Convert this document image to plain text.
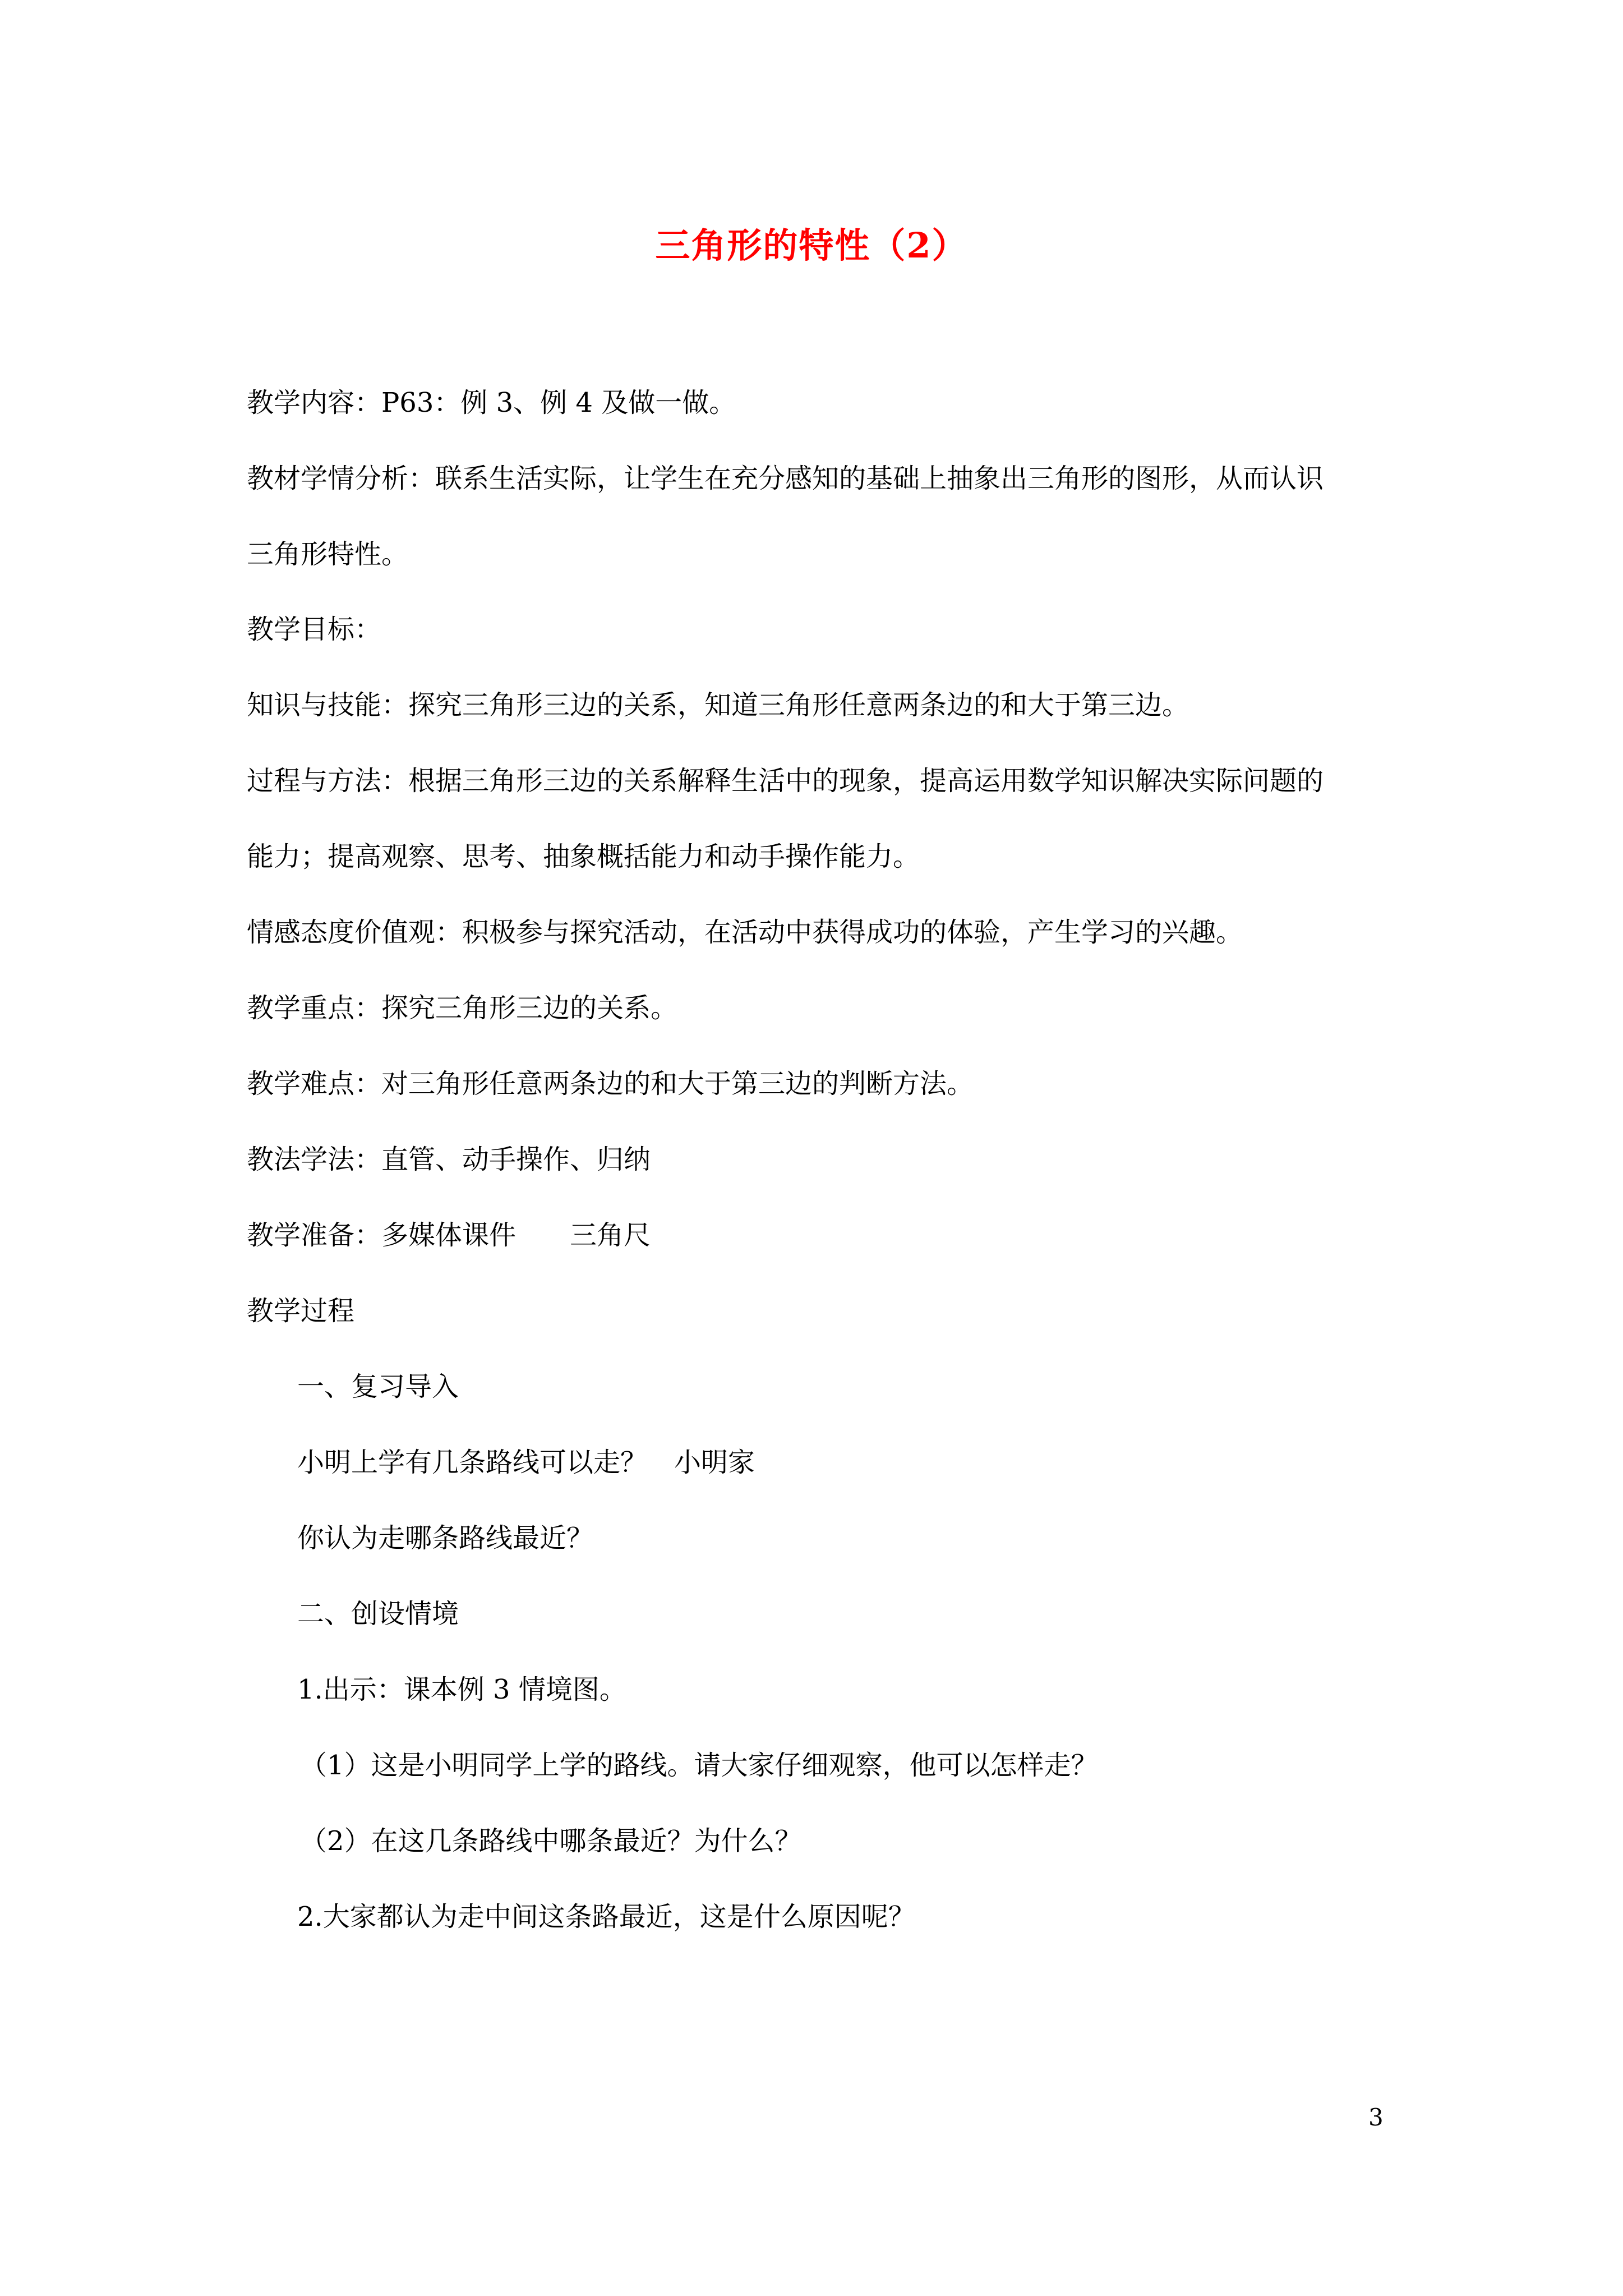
三角形的特性（2）
教学内容：P63：例 3、例 4 及做一做。
教材学情分析：联系生活实际，让学生在充分感知的基础上抽象出三角形的图形，从而认识
三角形特性。
教学目标：
知识与技能：探究三角形三边的关系，知道三角形任意两条边的和大于第三边。
过程与方法：根据三角形三边的关系解释生活中的现象，提高运用数学知识解决实际问题的
能力；提高观察、思考、抽象概括能力和动手操作能力。
情感态度价值观：积极参与探究活动，在活动中获得成功的体验，产生学习的兴趣。
教学重点：探究三角形三边的关系。
教学难点：对三角形任意两条边的和大于第三边的判断方法。
教法学法：直管、动手操作、归纳
教学准备：多媒体课件　　三角尺
教学过程
一、复习导入
小明上学有几条路线可以走？　小明家
你认为走哪条路线最近？
二、创设情境
1.出示：课本例 3 情境图。
（1）这是小明同学上学的路线。请大家仔细观察，他可以怎样走？
（2）在这几条路线中哪条最近？为什么？
2.大家都认为走中间这条路最近，这是什么原因呢？
3
